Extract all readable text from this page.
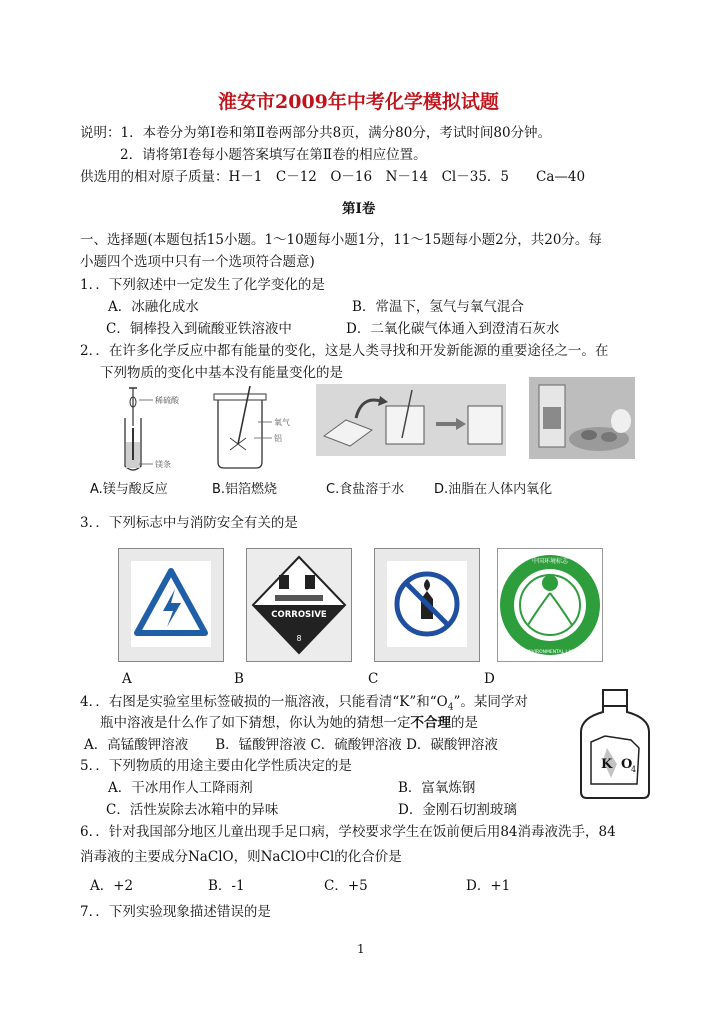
淮安市2009年中考化学模拟试题
说明：1．本卷分为第Ⅰ卷和第Ⅱ卷两部分共8页，满分80分，考试时间80分钟。
2．请将第Ⅰ卷每小题答案填写在第Ⅱ卷的相应位置。
供选用的相对原子质量：H－1　C－12　O－16　N－14　Cl－35．5　　Ca—40
第Ⅰ卷
一、选择题(本题包括15小题。1～10题每小题1分，11～15题每小题2分，共20分。每
小题四个选项中只有一个选项符合题意)
1．．下列叙述中一定发生了化学变化的是
A．冰融化成水	B．常温下，氢气与氧气混合
C．铜棒投入到硫酸亚铁溶液中	D．二氧化碳气体通入到澄清石灰水
2．．在许多化学反应中都有能量的变化，这是人类寻找和开发新能源的重要途径之一。在
下列物质的变化中基本没有能量变化的是
稀硫酸
镁条
氧气
铝
A.镁与酸反应	B.铝箔燃烧	C.食盐溶于水 D.油脂在人体内氧化
3．．下列标志中与消防安全有关的是
CORROSIVE
8
中国环境标志
CHINA ENVIRONMENTAL LABELLING
A	B	C	D
4．．右图是实验室里标签破损的一瓶溶液，只能看清“K”和“$O_4$”。某同学对
瓶中溶液是什么作了如下猜想，你认为她的猜想一定不合理的是
A．高锰酸钾溶液　　B．锰酸钾溶液 C．硫酸钾溶液 D．碳酸钾溶液
K O
4
5．．下列物质的用途主要由化学性质决定的是
A．干冰用作人工降雨剂	B．富氧炼钢
C．活性炭除去冰箱中的异味	D．金刚石切割玻璃
6．．针对我国部分地区儿童出现手足口病，学校要求学生在饭前便后用84消毒液洗手，84
消毒液的主要成分NaClO，则NaClO中Cl的化合价是
A．+2	B．-1	C．+5	D．+1
7．．下列实验现象描述错误的是
1
